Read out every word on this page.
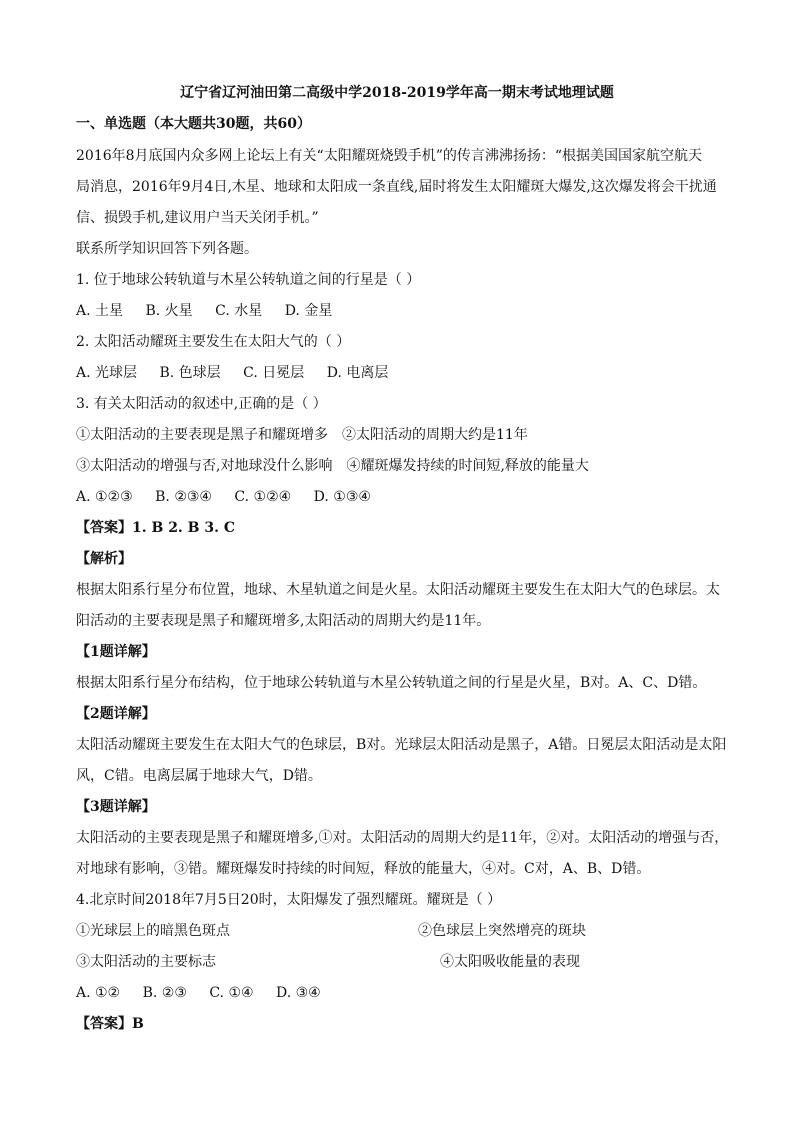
辽宁省辽河油田第二高级中学2018-2019学年高一期末考试地理试题
一、单选题（本大题共30题，共60）
2016年8月底国内众多网上论坛上有关“太阳耀斑烧毁手机”的传言沸沸扬扬：“根据美国国家航空航天
局消息，2016年9月4日,木星、地球和太阳成一条直线,届时将发生太阳耀斑大爆发,这次爆发将会干扰通
信、损毁手机,建议用户当天关闭手机。”
联系所学知识回答下列各题。
1. 位于地球公转轨道与木星公转轨道之间的行星是（ ）
A. 土星 B. 火星 C. 水星 D. 金星
2. 太阳活动耀斑主要发生在太阳大气的（ ）
A. 光球层 B. 色球层 C. 日冕层 D. 电离层
3. 有关太阳活动的叙述中,正确的是（ ）
①太阳活动的主要表现是黑子和耀斑增多 ②太阳活动的周期大约是11年
③太阳活动的增强与否,对地球没什么影响 ④耀斑爆发持续的时间短,释放的能量大
A. ①②③ B. ②③④ C. ①②④ D. ①③④
【答案】1. B 2. B 3. C
【解析】
根据太阳系行星分布位置，地球、木星轨道之间是火星。太阳活动耀斑主要发生在太阳大气的色球层。太
阳活动的主要表现是黑子和耀斑增多,太阳活动的周期大约是11年。
【1题详解】
根据太阳系行星分布结构，位于地球公转轨道与木星公转轨道之间的行星是火星，B对。A、C、D错。
【2题详解】
太阳活动耀斑主要发生在太阳大气的色球层，B对。光球层太阳活动是黑子，A错。日冕层太阳活动是太阳
风，C错。电离层属于地球大气，D错。
【3题详解】
太阳活动的主要表现是黑子和耀斑增多,①对。太阳活动的周期大约是11年，②对。太阳活动的增强与否，
对地球有影响，③错。耀斑爆发时持续的时间短，释放的能量大，④对。C对，A、B、D错。
4.北京时间2018年7月5日20时，太阳爆发了强烈耀斑。耀斑是（ ）
①光球层上的暗黑色斑点	②色球层上突然增亮的斑块
③太阳活动的主要标志	④太阳吸收能量的表现
A. ①② B. ②③ C. ①④ D. ③④
【答案】B
